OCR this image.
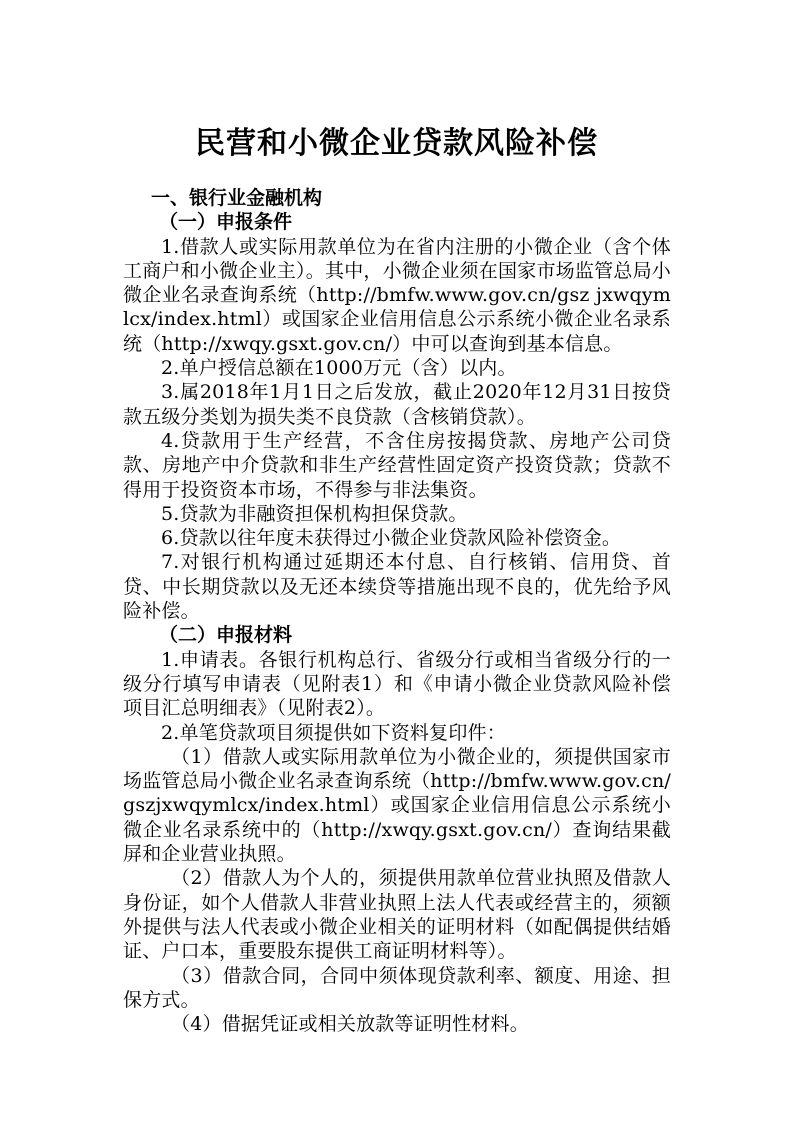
民营和小微企业贷款风险补偿

一、银行业金融机构

（一）申报条件

1.借款人或实际用款单位为在省内注册的小微企业（含个体工商户和小微企业主）。其中，小微企业须在国家市场监管总局小微企业名录查询系统（http://bmfw.www.gov.cn/gsz jxwqymlcx/index.html）或国家企业信用信息公示系统小微企业名录系统（http://xwqy.gsxt.gov.cn/）中可以查询到基本信息。

2.单户授信总额在1000万元（含）以内。

3.属2018年1月1日之后发放，截止2020年12月31日按贷款五级分类划为损失类不良贷款（含核销贷款）。

4.贷款用于生产经营，不含住房按揭贷款、房地产公司贷款、房地产中介贷款和非生产经营性固定资产投资贷款；贷款不得用于投资资本市场，不得参与非法集资。

5.贷款为非融资担保机构担保贷款。

6.贷款以往年度未获得过小微企业贷款风险补偿资金。

7.对银行机构通过延期还本付息、自行核销、信用贷、首贷、中长期贷款以及无还本续贷等措施出现不良的，优先给予风险补偿。

（二）申报材料

1.申请表。各银行机构总行、省级分行或相当省级分行的一级分行填写申请表（见附表1）和《申请小微企业贷款风险补偿项目汇总明细表》（见附表2）。

2.单笔贷款项目须提供如下资料复印件：

（1）借款人或实际用款单位为小微企业的，须提供国家市场监管总局小微企业名录查询系统（http://bmfw.www.gov.cn/gszjxwqymlcx/index.html）或国家企业信用信息公示系统小微企业名录系统中的（http://xwqy.gsxt.gov.cn/）查询结果截屏和企业营业执照。

（2）借款人为个人的，须提供用款单位营业执照及借款人身份证，如个人借款人非营业执照上法人代表或经营主的，须额外提供与法人代表或小微企业相关的证明材料（如配偶提供结婚证、户口本，重要股东提供工商证明材料等）。

（3）借款合同，合同中须体现贷款利率、额度、用途、担保方式。

（4）借据凭证或相关放款等证明性材料。
